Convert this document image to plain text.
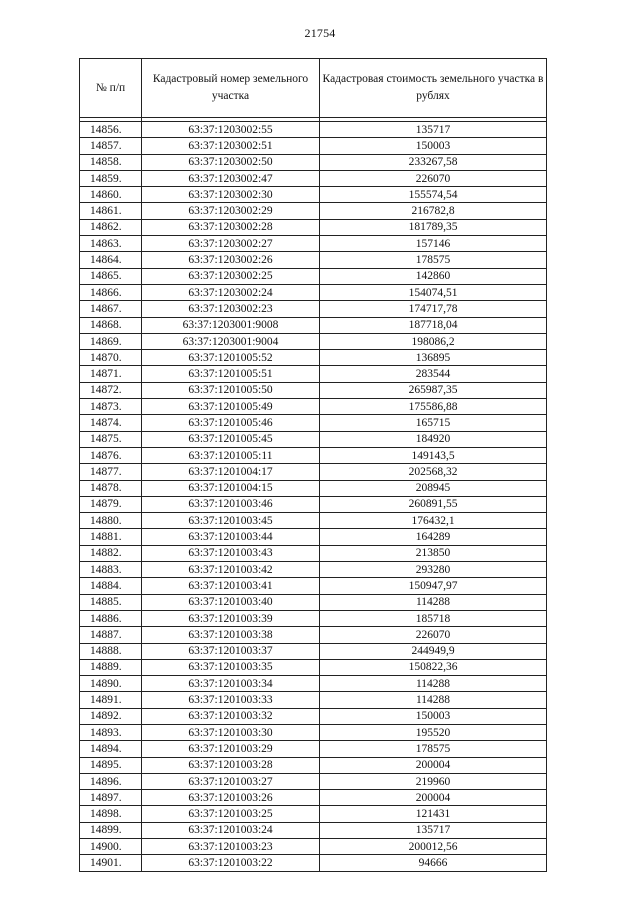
21754
№ п/п	Кадастровый номер земельного участка	Кадастровая стоимость земельного участка в рублях

14856.	63:37:1203002:55	135717
14857.	63:37:1203002:51	150003
14858.	63:37:1203002:50	233267,58
14859.	63:37:1203002:47	226070
14860.	63:37:1203002:30	155574,54
14861.	63:37:1203002:29	216782,8
14862.	63:37:1203002:28	181789,35
14863.	63:37:1203002:27	157146
14864.	63:37:1203002:26	178575
14865.	63:37:1203002:25	142860
14866.	63:37:1203002:24	154074,51
14867.	63:37:1203002:23	174717,78
14868.	63:37:1203001:9008	187718,04
14869.	63:37:1203001:9004	198086,2
14870.	63:37:1201005:52	136895
14871.	63:37:1201005:51	283544
14872.	63:37:1201005:50	265987,35
14873.	63:37:1201005:49	175586,88
14874.	63:37:1201005:46	165715
14875.	63:37:1201005:45	184920
14876.	63:37:1201005:11	149143,5
14877.	63:37:1201004:17	202568,32
14878.	63:37:1201004:15	208945
14879.	63:37:1201003:46	260891,55
14880.	63:37:1201003:45	176432,1
14881.	63:37:1201003:44	164289
14882.	63:37:1201003:43	213850
14883.	63:37:1201003:42	293280
14884.	63:37:1201003:41	150947,97
14885.	63:37:1201003:40	114288
14886.	63:37:1201003:39	185718
14887.	63:37:1201003:38	226070
14888.	63:37:1201003:37	244949,9
14889.	63:37:1201003:35	150822,36
14890.	63:37:1201003:34	114288
14891.	63:37:1201003:33	114288
14892.	63:37:1201003:32	150003
14893.	63:37:1201003:30	195520
14894.	63:37:1201003:29	178575
14895.	63:37:1201003:28	200004
14896.	63:37:1201003:27	219960
14897.	63:37:1201003:26	200004
14898.	63:37:1201003:25	121431
14899.	63:37:1201003:24	135717
14900.	63:37:1201003:23	200012,56
14901.	63:37:1201003:22	94666
